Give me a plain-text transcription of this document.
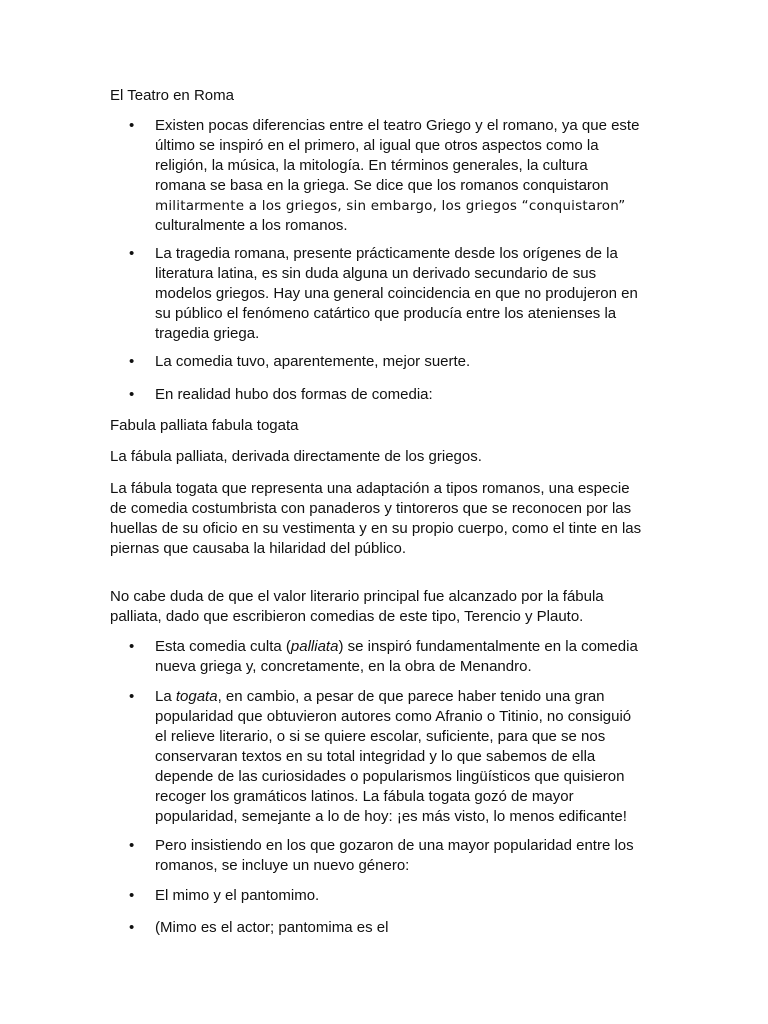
El Teatro en Roma

• Existen pocas diferencias entre el teatro Griego y el romano, ya que este
último se inspiró en el primero, al igual que otros aspectos como la
religión, la música, la mitología. En términos generales, la cultura
romana se basa en la griega. Se dice que los romanos conquistaron
militarmente a los griegos, sin embargo, los griegos “conquistaron”
culturalmente a los romanos.
• La tragedia romana, presente prácticamente desde los orígenes de la
literatura latina, es sin duda alguna un derivado secundario de sus
modelos griegos. Hay una general coincidencia en que no produjeron en
su público el fenómeno catártico que producía entre los atenienses la
tragedia griega.
• La comedia tuvo, aparentemente, mejor suerte.
• En realidad hubo dos formas de comedia:

Fabula palliata fabula togata

La fábula palliata, derivada directamente de los griegos.

La fábula togata que representa una adaptación a tipos romanos, una especie
de comedia costumbrista con panaderos y tintoreros que se reconocen por las
huellas de su oficio en su vestimenta y en su propio cuerpo, como el tinte en las
piernas que causaba la hilaridad del público.
No cabe duda de que el valor literario principal fue alcanzado por la fábula
palliata, dado que escribieron comedias de este tipo, Terencio y Plauto.
• Esta comedia culta (palliata) se inspiró fundamentalmente en la comedia
nueva griega y, concretamente, en la obra de Menandro.
• La togata, en cambio, a pesar de que parece haber tenido una gran
popularidad que obtuvieron autores como Afranio o Titinio, no consiguió
el relieve literario, o si se quiere escolar, suficiente, para que se nos
conservaran textos en su total integridad y lo que sabemos de ella
depende de las curiosidades o popularismos lingüísticos que quisieron
recoger los gramáticos latinos. La fábula togata gozó de mayor
popularidad, semejante a lo de hoy: ¡es más visto, lo menos edificante!
• Pero insistiendo en los que gozaron de una mayor popularidad entre los
romanos, se incluye un nuevo género:
• El mimo y el pantomimo.
• (Mimo es el actor; pantomima es el
